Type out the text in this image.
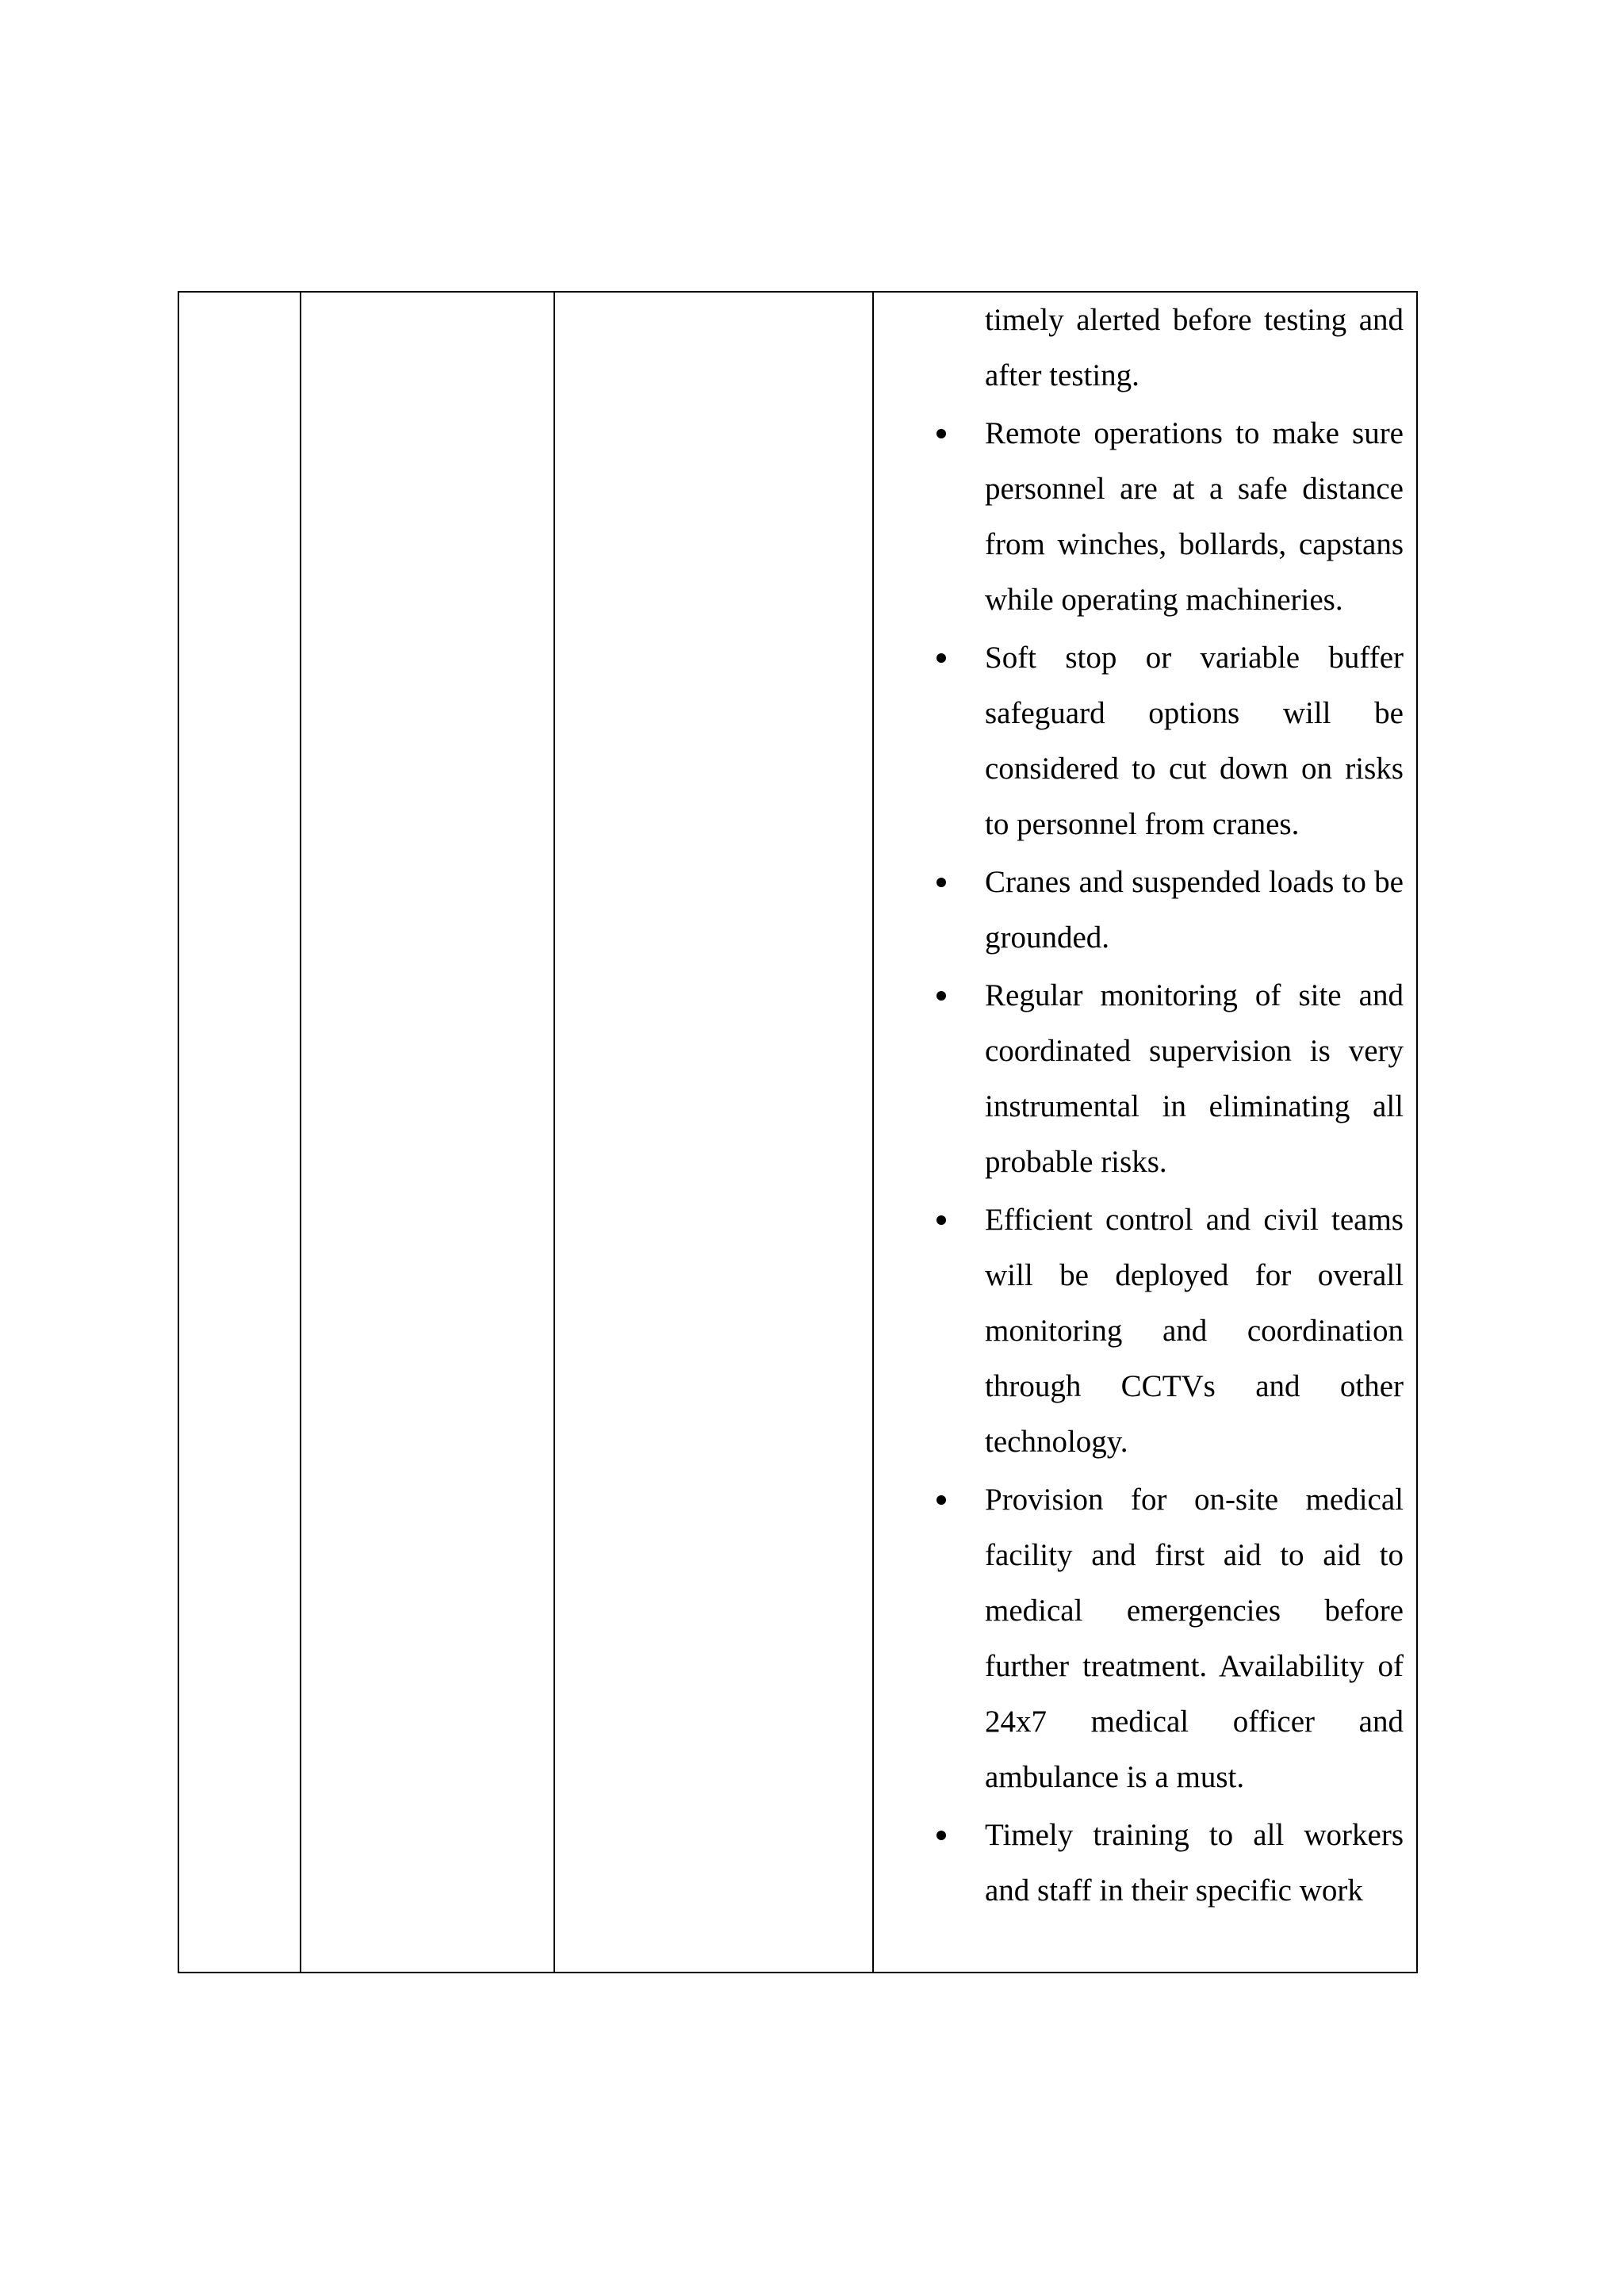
timely alerted before testing and after testing.

Remote operations to make sure personnel are at a safe distance from winches, bollards, capstans while operating machineries.
Soft stop or variable buffer safeguard options will be considered to cut down on risks to personnel from cranes.
Cranes and suspended loads to be grounded.
Regular monitoring of site and coordinated supervision is very instrumental in eliminating all probable risks.
Efficient control and civil teams will be deployed for overall monitoring and coordination through CCTVs and other technology.
Provision for on-site medical facility and first aid to aid to medical emergencies before further treatment. Availability of 24x7 medical officer and ambulance is a must.
Timely training to all workers and staff in their specific work
